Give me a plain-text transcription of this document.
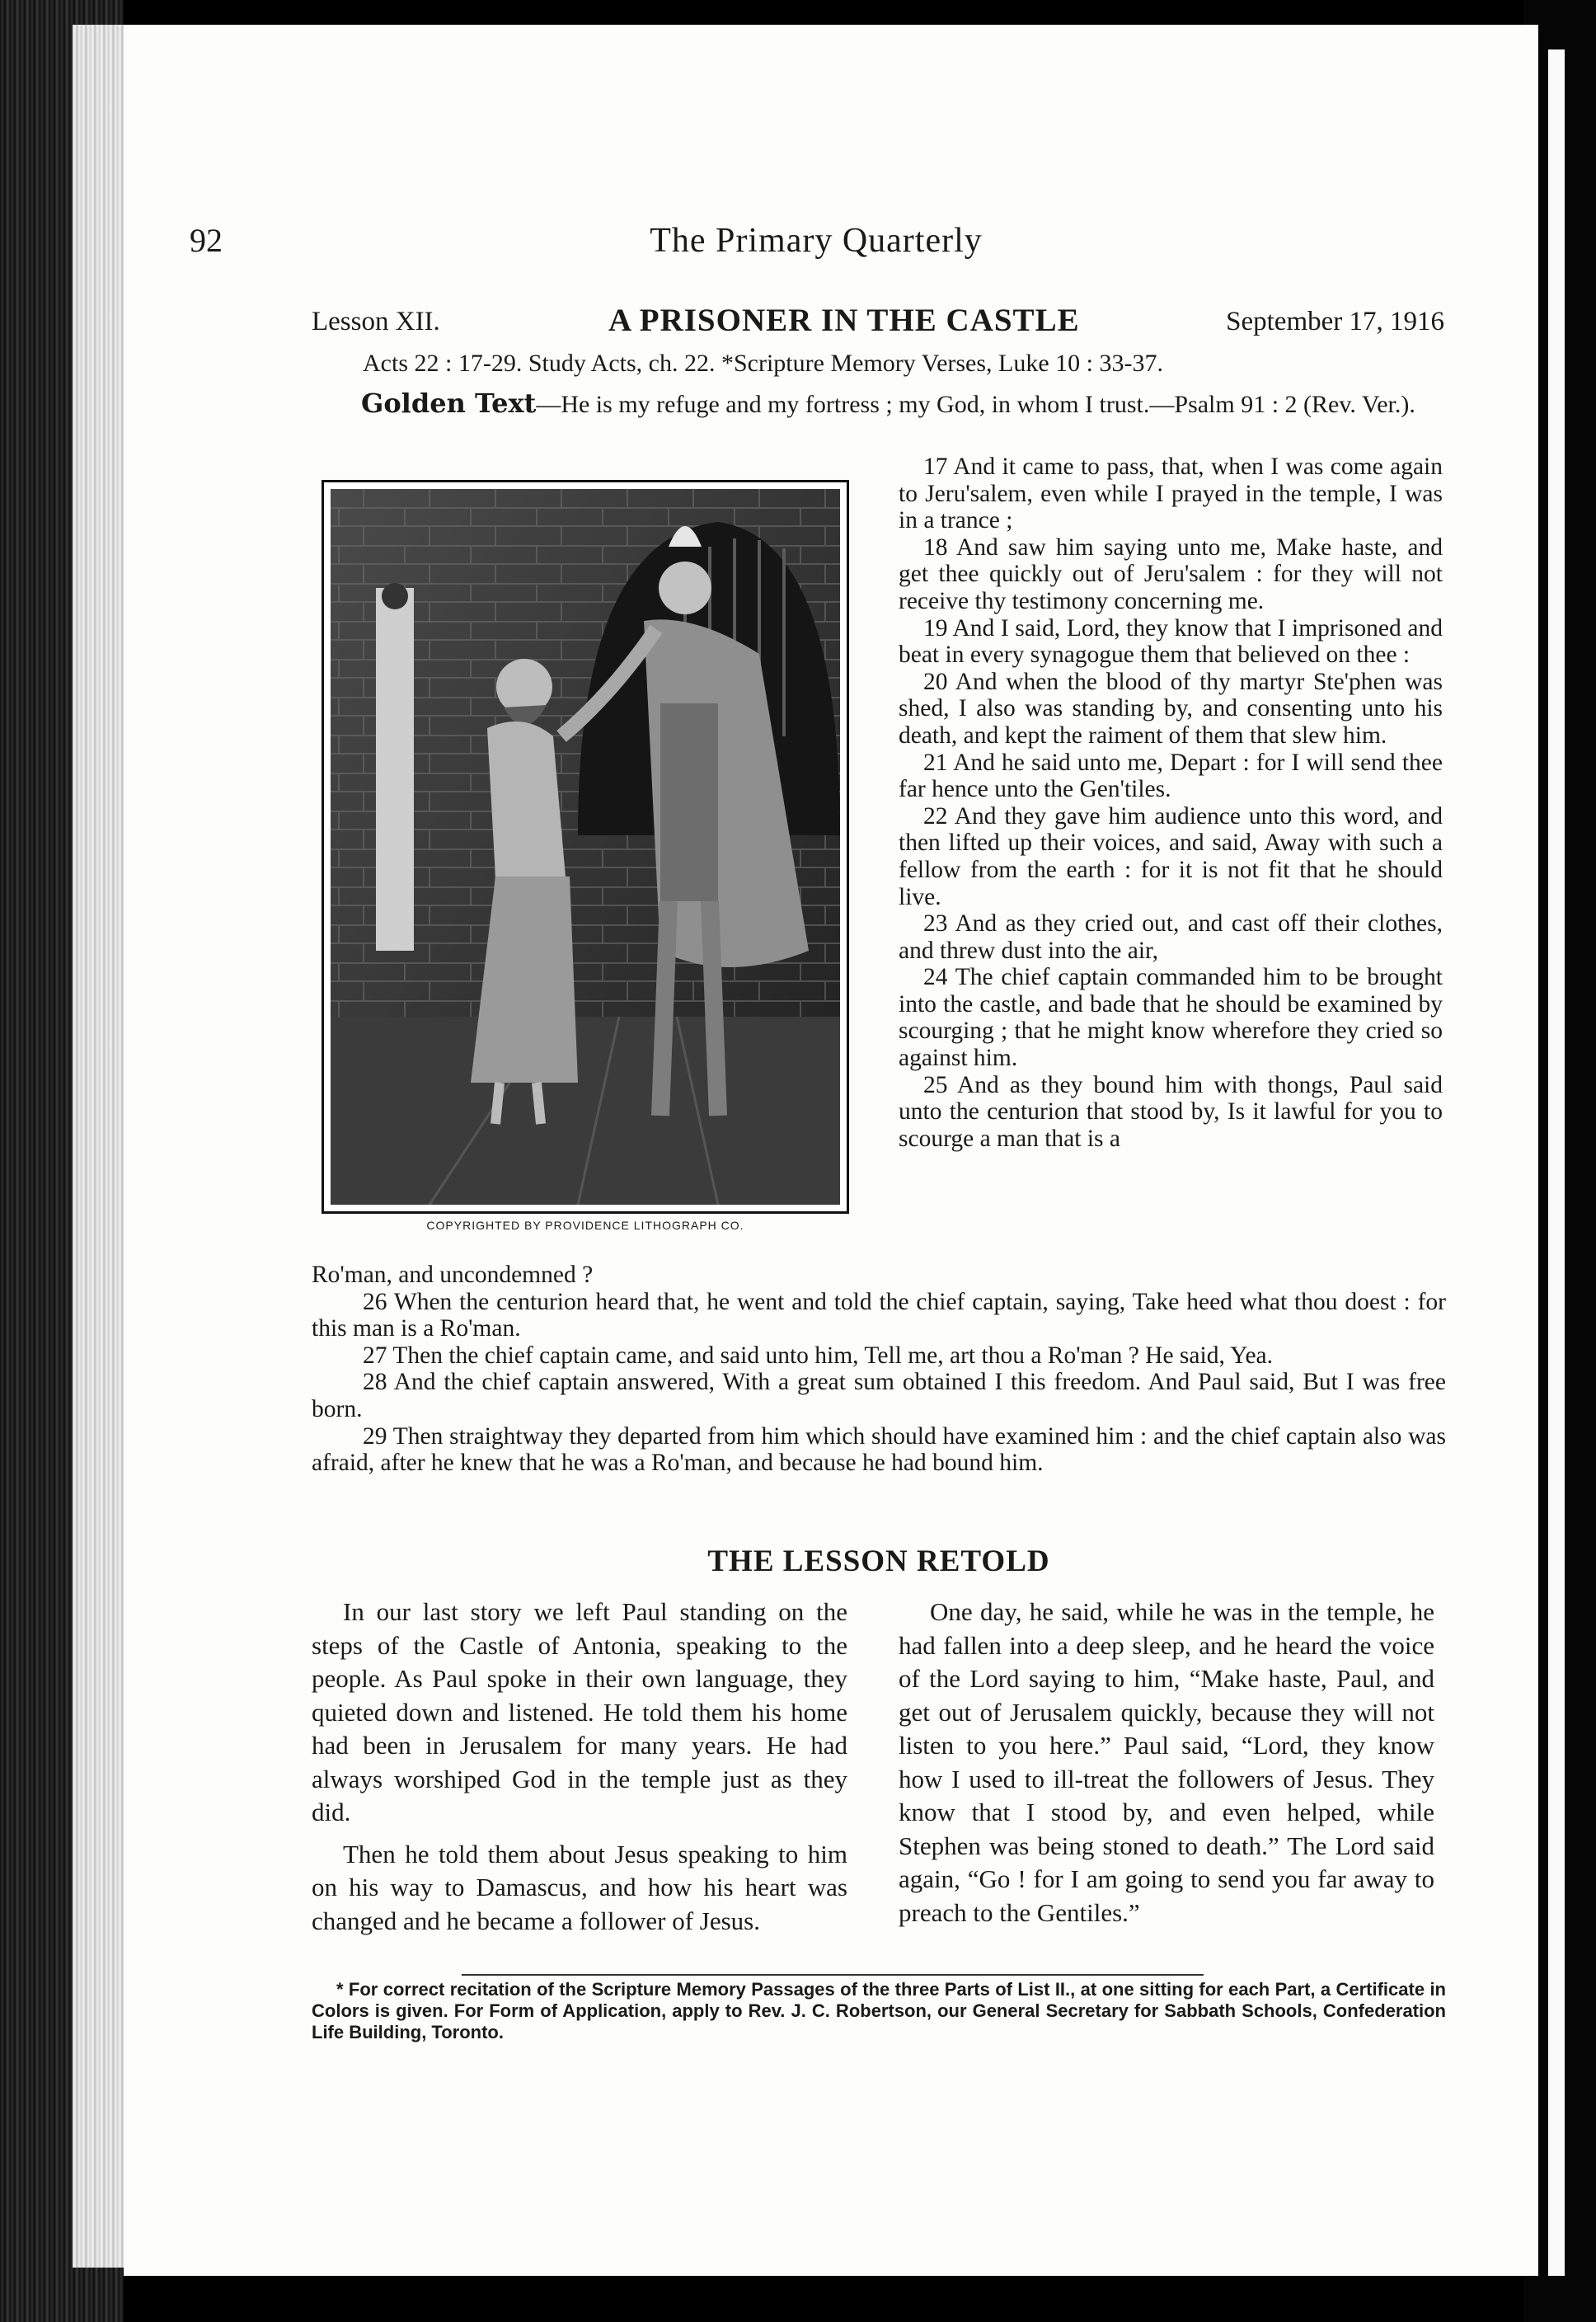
92	The Primary Quarterly
Lesson XII.	A PRISONER IN THE CASTLE	September 17, 1916
Acts 22 : 17-29. Study Acts, ch. 22. *Scripture Memory Verses, Luke 10 : 33-37.
Golden Text—He is my refuge and my fortress ; my God, in whom I trust.—Psalm 91 : 2 (Rev. Ver.).
COPYRIGHTED BY PROVIDENCE LITHOGRAPH CO.

17 And it came to pass, that, when I was come again to Jeru'salem, even while I prayed in the temple, I was in a trance ;

18 And saw him saying unto me, Make haste, and get thee quickly out of Jeru'salem : for they will not receive thy testimony concerning me.

19 And I said, Lord, they know that I imprisoned and beat in every synagogue them that believed on thee :

20 And when the blood of thy martyr Ste'phen was shed, I also was standing by, and consenting unto his death, and kept the raiment of them that slew him.

21 And he said unto me, Depart : for I will send thee far hence unto the Gen'tiles.

22 And they gave him audience unto this word, and then lifted up their voices, and said, Away with such a fellow from the earth : for it is not fit that he should live.

23 And as they cried out, and cast off their clothes, and threw dust into the air,

24 The chief captain commanded him to be brought into the castle, and bade that he should be examined by scourging ; that he might know wherefore they cried so against him.

25 And as they bound him with thongs, Paul said unto the centurion that stood by, Is it lawful for you to scourge a man that is a

Ro'man, and uncondemned ?

26 When the centurion heard that, he went and told the chief captain, saying, Take heed what thou doest : for this man is a Ro'man.

27 Then the chief captain came, and said unto him, Tell me, art thou a Ro'man ? He said, Yea.

28 And the chief captain answered, With a great sum obtained I this freedom. And Paul said, But I was free born.

29 Then straightway they departed from him which should have examined him : and the chief captain also was afraid, after he knew that he was a Ro'man, and because he had bound him.

THE LESSON RETOLD

In our last story we left Paul standing on the steps of the Castle of Antonia, speaking to the people. As Paul spoke in their own language, they quieted down and listened. He told them his home had been in Jerusalem for many years. He had always worshiped God in the temple just as they did.

Then he told them about Jesus speaking to him on his way to Damascus, and how his heart was changed and he became a follower of Jesus.

One day, he said, while he was in the temple, he had fallen into a deep sleep, and he heard the voice of the Lord saying to him, “Make haste, Paul, and get out of Jerusalem quickly, because they will not listen to you here.” Paul said, “Lord, they know how I used to ill-treat the followers of Jesus. They know that I stood by, and even helped, while Stephen was being stoned to death.” The Lord said again, “Go ! for I am going to send you far away to preach to the Gentiles.”

* For correct recitation of the Scripture Memory Passages of the three Parts of List II., at one sitting for each Part, a Certificate in Colors is given. For Form of Application, apply to Rev. J. C. Robertson, our General Secretary for Sabbath Schools, Confederation Life Building, Toronto.
